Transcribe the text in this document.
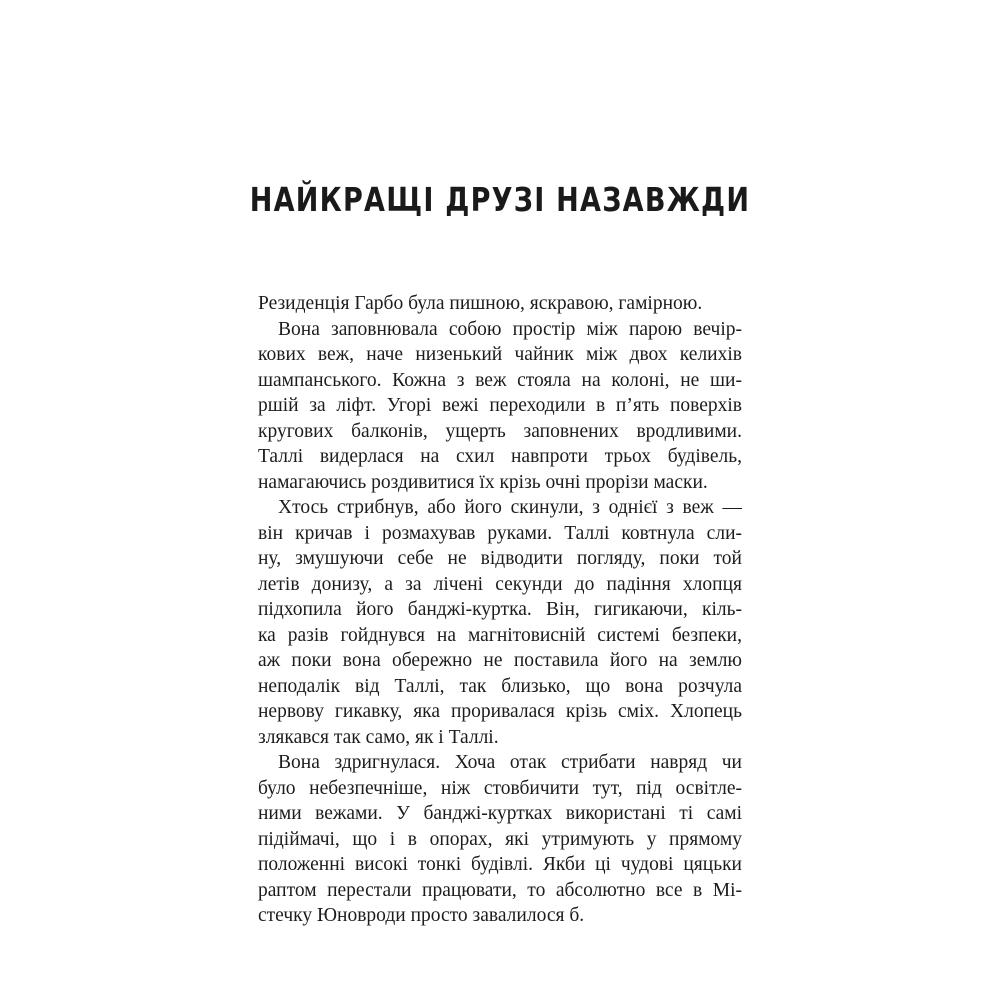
НАЙКРАЩІ ДРУЗІ НАЗАВЖДИ
Резиденція Гарбо була пишною, яскравою, гамірною.
Вона заповнювала собою простір між парою вечір-
кових веж, наче низенький чайник між двох келихів
шампанського. Кожна з веж стояла на колоні, не ши-
ршій за ліфт. Угорі вежі переходили в п’ять поверхів
кругових балконів, ущерть заповнених вродливими.
Таллі видерлася на схил навпроти трьох будівель,
намагаючись роздивитися їх крізь очні прорізи маски.
Хтось стрибнув, або його скинули, з однієї з веж —
він кричав і розмахував руками. Таллі ковтнула сли-
ну, змушуючи себе не відводити погляду, поки той
летів донизу, а за лічені секунди до падіння хлопця
підхопила його банджі-куртка. Він, гигикаючи, кіль-
ка разів гойднувся на магнітовисній системі безпеки,
аж поки вона обережно не поставила його на землю
неподалік від Таллі, так близько, що вона розчула
нервову гикавку, яка проривалася крізь сміх. Хлопець
злякався так само, як і Таллі.
Вона здригнулася. Хоча отак стрибати навряд чи
було небезпечніше, ніж стовбичити тут, під освітле-
ними вежами. У банджі-куртках використані ті самі
підіймачі, що і в опорах, які утримують у прямому
положенні високі тонкі будівлі. Якби ці чудові цяцьки
раптом перестали працювати, то абсолютно все в Мі-
стечку Юновроди просто завалилося б.
